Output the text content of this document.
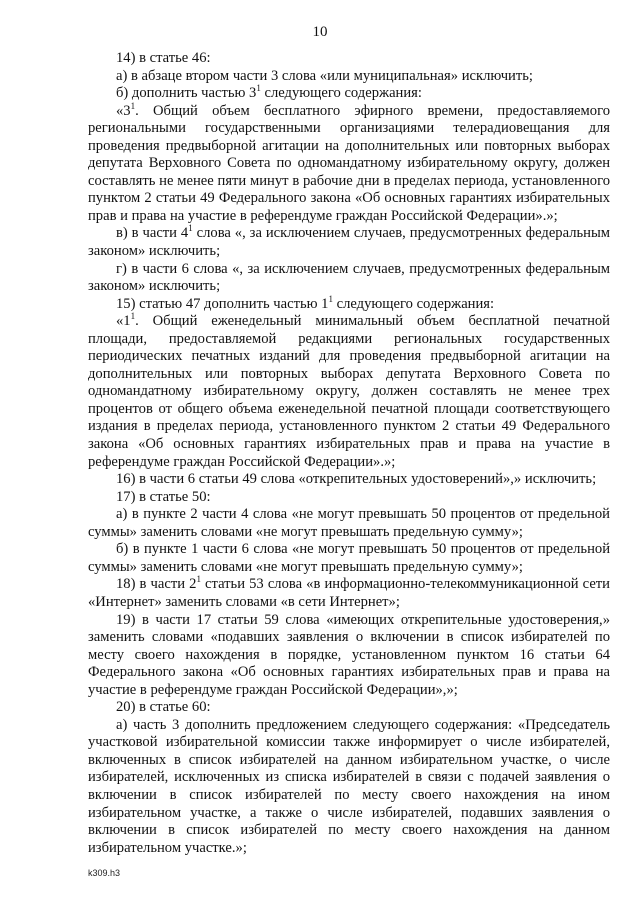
10

14) в статье 46:

а) в абзаце втором части 3 слова «или муниципальная» исключить;

б) дополнить частью $3^1$ следующего содержания:

«$3^1$. Общий объем бесплатного эфирного времени, предоставляемого региональными государственными организациями телерадиовещания для проведения предвыборной агитации на дополнительных или повторных выборах депутата Верховного Совета по одномандатному избирательному округу, должен составлять не менее пяти минут в рабочие дни в пределах периода, установленного пунктом 2 статьи 49 Федерального закона «Об основных гарантиях избирательных прав и права на участие в референдуме граждан Российской Федерации».»;

в) в части $4^1$ слова «, за исключением случаев, предусмотренных федеральным законом» исключить;

г) в части 6 слова «, за исключением случаев, предусмотренных федеральным законом» исключить;

15) статью 47 дополнить частью $1^1$ следующего содержания:

«$1^1$. Общий еженедельный минимальный объем бесплатной печатной площади, предоставляемой редакциями региональных государственных периодических печатных изданий для проведения предвыборной агитации на дополнительных или повторных выборах депутата Верховного Совета по одномандатному избирательному округу, должен составлять не менее трех процентов от общего объема еженедельной печатной площади соответствующего издания в пределах периода, установленного пунктом 2 статьи 49 Федерального закона «Об основных гарантиях избирательных прав и права на участие в референдуме граждан Российской Федерации».»;

16) в части 6 статьи 49 слова «открепительных удостоверений»,» исключить;

17) в статье 50:

а) в пункте 2 части 4 слова «не могут превышать 50 процентов от предельной суммы» заменить словами «не могут превышать предельную сумму»;

б) в пункте 1 части 6 слова «не могут превышать 50 процентов от предельной суммы» заменить словами «не могут превышать предельную сумму»;

18) в части $2^1$ статьи 53 слова «в информационно-телекоммуникационной сети «Интернет» заменить словами «в сети Интернет»;

19) в части 17 статьи 59 слова «имеющих открепительные удостоверения,» заменить словами «подавших заявления о включении в список избирателей по месту своего нахождения в порядке, установленном пунктом 16 статьи 64 Федерального закона «Об основных гарантиях избирательных прав и права на участие в референдуме граждан Российской Федерации»,»;

20) в статье 60:

а) часть 3 дополнить предложением следующего содержания: «Председатель участковой избирательной комиссии также информирует о числе избирателей, включенных в список избирателей на данном избирательном участке, о числе избирателей, исключенных из списка избирателей в связи с подачей заявления о включении в список избирателей по месту своего нахождения на ином избирательном участке, а также о числе избирателей, подавших заявления о включении в список избирателей по месту своего нахождения на данном избирательном участке.»;

k309.h3
